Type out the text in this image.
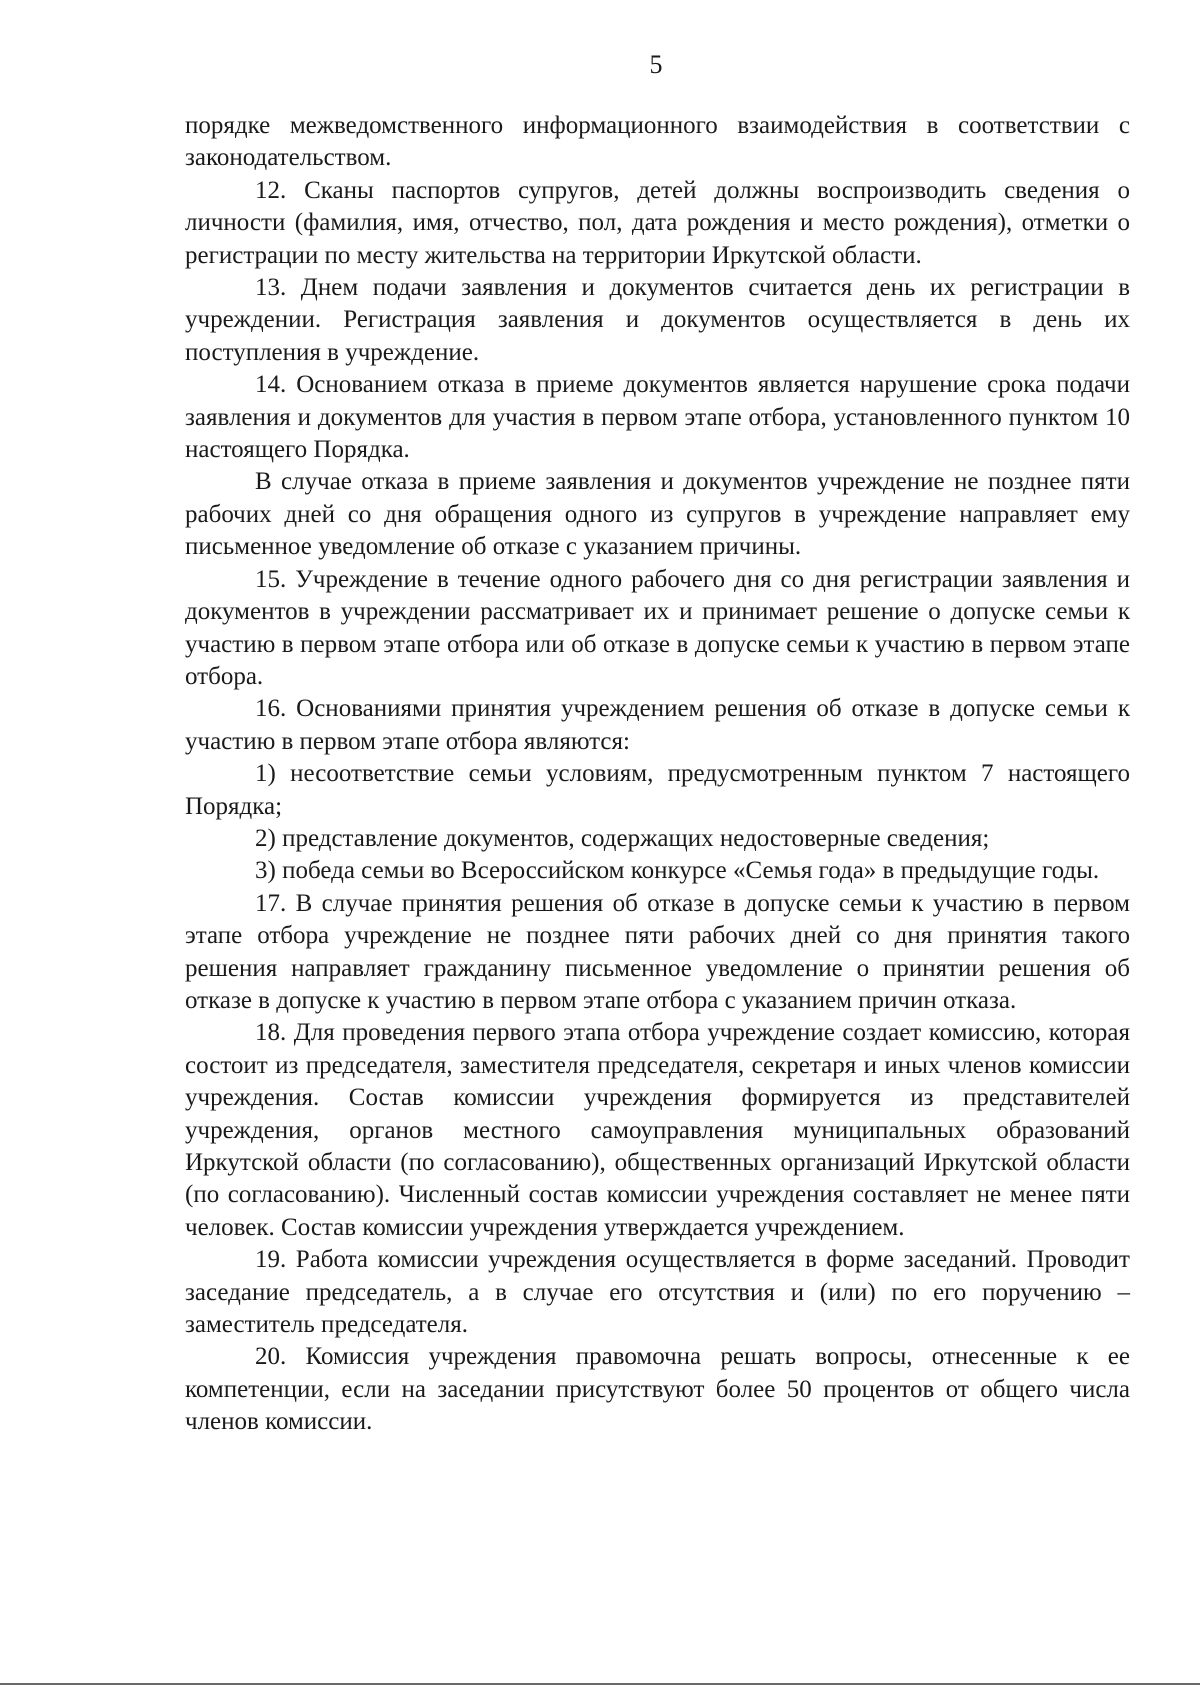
5

порядке межведомственного информационного взаимодействия в соответствии с законодательством.

12. Сканы паспортов супругов, детей должны воспроизводить сведения о личности (фамилия, имя, отчество, пол, дата рождения и место рождения), отметки о регистрации по месту жительства на территории Иркутской области.

13. Днем подачи заявления и документов считается день их регистрации в учреждении. Регистрация заявления и документов осуществляется в день их поступления в учреждение.

14. Основанием отказа в приеме документов является нарушение срока подачи заявления и документов для участия в первом этапе отбора, установленного пунктом 10 настоящего Порядка.

В случае отказа в приеме заявления и документов учреждение не позднее пяти рабочих дней со дня обращения одного из супругов в учреждение направляет ему письменное уведомление об отказе с указанием причины.

15. Учреждение в течение одного рабочего дня со дня регистрации заявления и документов в учреждении рассматривает их и принимает решение о допуске семьи к участию в первом этапе отбора или об отказе в допуске семьи к участию в первом этапе отбора.

16. Основаниями принятия учреждением решения об отказе в допуске семьи к участию в первом этапе отбора являются:

1) несоответствие семьи условиям, предусмотренным пунктом 7 настоящего Порядка;

2) представление документов, содержащих недостоверные сведения;

3) победа семьи во Всероссийском конкурсе «Семья года» в предыдущие годы.

17. В случае принятия решения об отказе в допуске семьи к участию в первом этапе отбора учреждение не позднее пяти рабочих дней со дня принятия такого решения направляет гражданину письменное уведомление о принятии решения об отказе в допуске к участию в первом этапе отбора с указанием причин отказа.

18. Для проведения первого этапа отбора учреждение создает комиссию, которая состоит из председателя, заместителя председателя, секретаря и иных членов комиссии учреждения. Состав комиссии учреждения формируется из представителей учреждения, органов местного самоуправления муниципальных образований Иркутской области (по согласованию), общественных организаций Иркутской области (по согласованию). Численный состав комиссии учреждения составляет не менее пяти человек. Состав комиссии учреждения утверждается учреждением.

19. Работа комиссии учреждения осуществляется в форме заседаний. Проводит заседание председатель, а в случае его отсутствия и (или) по его поручению – заместитель председателя.

20. Комиссия учреждения правомочна решать вопросы, отнесенные к ее компетенции, если на заседании присутствуют более 50 процентов от общего числа членов комиссии.
